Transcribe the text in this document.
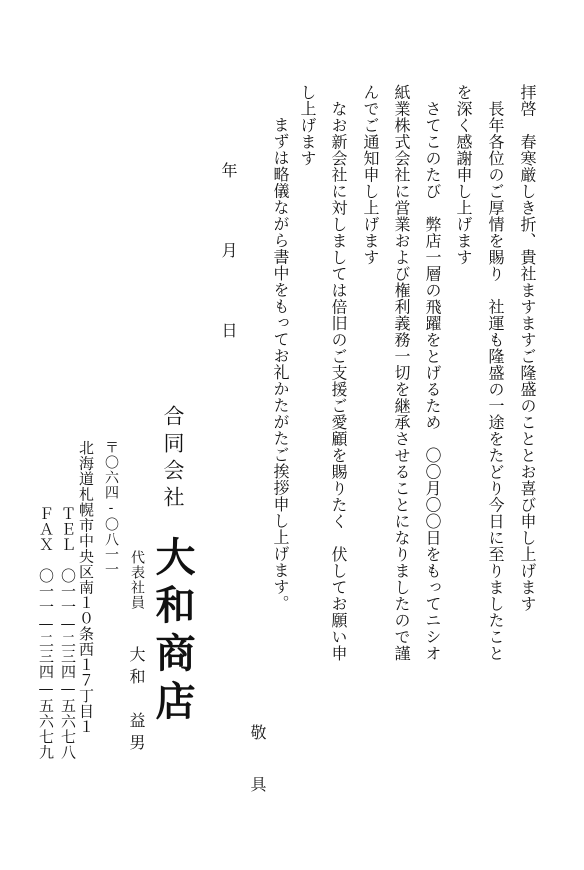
拝啓　春寒厳しき折、貴社ますますご隆盛のこととお喜び申し上げます
　長年各位のご厚情を賜り　社運も隆盛の一途をたどり今日に至りましたこと
を深く感謝申し上げます
　さてこのたび　弊店一層の飛躍をとげるため　〇〇月〇〇日をもってニシオ
紙業株式会社に営業および権利義務一切を継承させることになりましたので謹
んでご通知申し上げます
　なお新会社に対しましては倍旧のご支援ご愛顧を賜りたく　伏してお願い申
し上げます
　まずは略儀ながら書中をもってお礼かたがたご挨拶申し上げます。
敬　具
年
月
日
合同会社
大和商店
代表社員
大和　益男
〒〇六四-〇八一一
北海道札幌市中央区南１０条西１７丁目１
ＴＥＬ　〇一一—二三四—五六七八
ＦＡＸ　〇一一—二三四—五六七九
